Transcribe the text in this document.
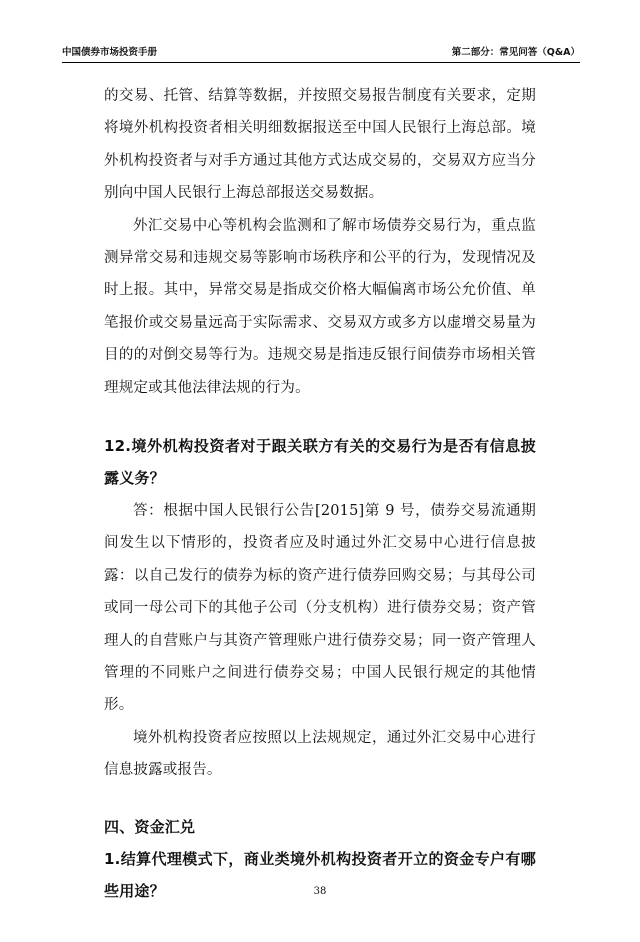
中国债券市场投资手册	第二部分：常见问答（Q&A）

的交易、托管、结算等数据，并按照交易报告制度有关要求，定期将境外机构投资者相关明细数据报送至中国人民银行上海总部。境外机构投资者与对手方通过其他方式达成交易的，交易双方应当分别向中国人民银行上海总部报送交易数据。

外汇交易中心等机构会监测和了解市场债券交易行为，重点监测异常交易和违规交易等影响市场秩序和公平的行为，发现情况及时上报。其中，异常交易是指成交价格大幅偏离市场公允价值、单笔报价或交易量远高于实际需求、交易双方或多方以虚增交易量为目的的对倒交易等行为。违规交易是指违反银行间债券市场相关管理规定或其他法律法规的行为。

12.境外机构投资者对于跟关联方有关的交易行为是否有信息披露义务？

答：根据中国人民银行公告[2015]第 9 号，债券交易流通期间发生以下情形的，投资者应及时通过外汇交易中心进行信息披露：以自己发行的债券为标的资产进行债券回购交易；与其母公司或同一母公司下的其他子公司（分支机构）进行债券交易；资产管理人的自营账户与其资产管理账户进行债券交易；同一资产管理人管理的不同账户之间进行债券交易；中国人民银行规定的其他情形。

境外机构投资者应按照以上法规规定，通过外汇交易中心进行信息披露或报告。

四、资金汇兑

1.结算代理模式下，商业类境外机构投资者开立的资金专户有哪些用途？	38
